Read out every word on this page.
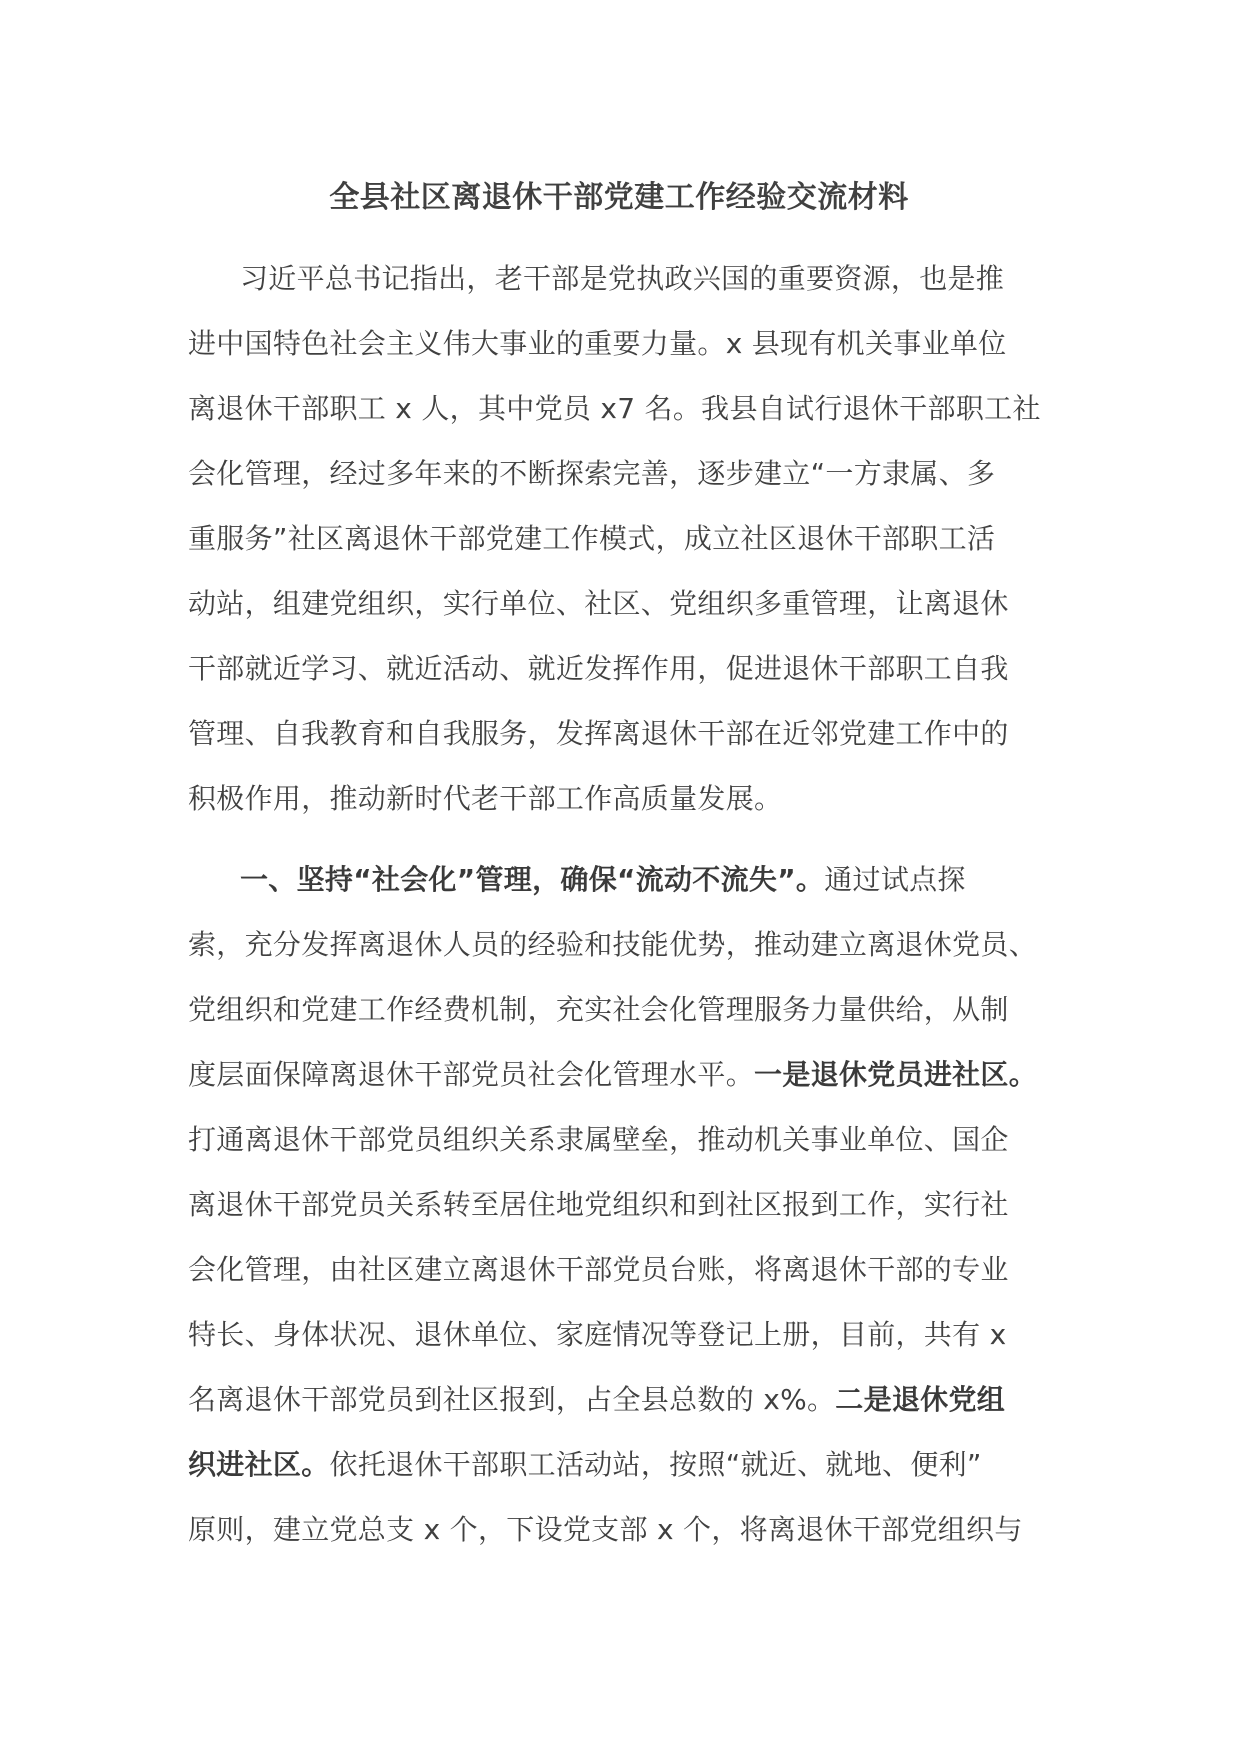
全县社区离退休干部党建工作经验交流材料
习近平总书记指出，老干部是党执政兴国的重要资源，也是推
进中国特色社会主义伟大事业的重要力量。x 县现有机关事业单位
离退休干部职工 x 人，其中党员 x7 名。我县自试行退休干部职工社
会化管理，经过多年来的不断探索完善，逐步建立“一方隶属、多
重服务”社区离退休干部党建工作模式，成立社区退休干部职工活
动站，组建党组织，实行单位、社区、党组织多重管理，让离退休
干部就近学习、就近活动、就近发挥作用，促进退休干部职工自我
管理、自我教育和自我服务，发挥离退休干部在近邻党建工作中的
积极作用，推动新时代老干部工作高质量发展。
一、坚持“社会化”管理，确保“流动不流失”。通过试点探
索，充分发挥离退休人员的经验和技能优势，推动建立离退休党员、
党组织和党建工作经费机制，充实社会化管理服务力量供给，从制
度层面保障离退休干部党员社会化管理水平。一是退休党员进社区。
打通离退休干部党员组织关系隶属壁垒，推动机关事业单位、国企
离退休干部党员关系转至居住地党组织和到社区报到工作，实行社
会化管理，由社区建立离退休干部党员台账，将离退休干部的专业
特长、身体状况、退休单位、家庭情况等登记上册，目前，共有 x
名离退休干部党员到社区报到，占全县总数的 x%。二是退休党组
织进社区。依托退休干部职工活动站，按照“就近、就地、便利”
原则，建立党总支 x 个，下设党支部 x 个，将离退休干部党组织与
